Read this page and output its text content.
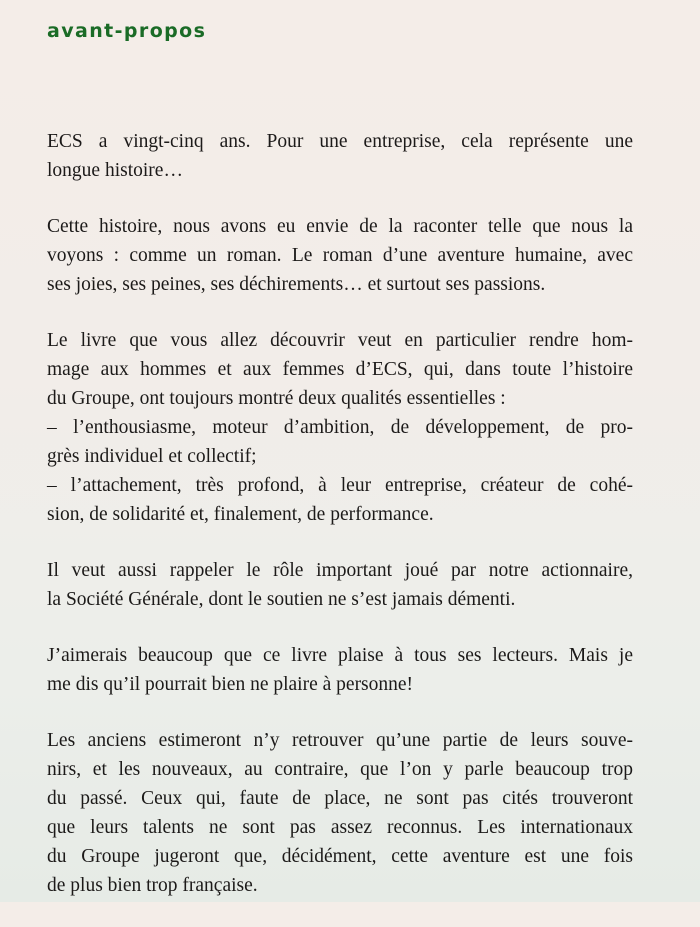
avant-propos

ECS a vingt-cinq ans. Pour une entreprise, cela représente une
longue histoire…

Cette histoire, nous avons eu envie de la raconter telle que nous la
voyons : comme un roman. Le roman d’une aventure humaine, avec
ses joies, ses peines, ses déchirements… et surtout ses passions.

Le livre que vous allez découvrir veut en particulier rendre hom-
mage aux hommes et aux femmes d’ECS, qui, dans toute l’histoire
du Groupe, ont toujours montré deux qualités essentielles :
– l’enthousiasme, moteur d’ambition, de développement, de pro-
grès individuel et collectif;
– l’attachement, très profond, à leur entreprise, créateur de cohé-
sion, de solidarité et, finalement, de performance.

Il veut aussi rappeler le rôle important joué par notre actionnaire,
la Société Générale, dont le soutien ne s’est jamais démenti.

J’aimerais beaucoup que ce livre plaise à tous ses lecteurs. Mais je
me dis qu’il pourrait bien ne plaire à personne!

Les anciens estimeront n’y retrouver qu’une partie de leurs souve-
nirs, et les nouveaux, au contraire, que l’on y parle beaucoup trop
du passé. Ceux qui, faute de place, ne sont pas cités trouveront
que leurs talents ne sont pas assez reconnus. Les internationaux
du Groupe jugeront que, décidément, cette aventure est une fois
de plus bien trop française.
